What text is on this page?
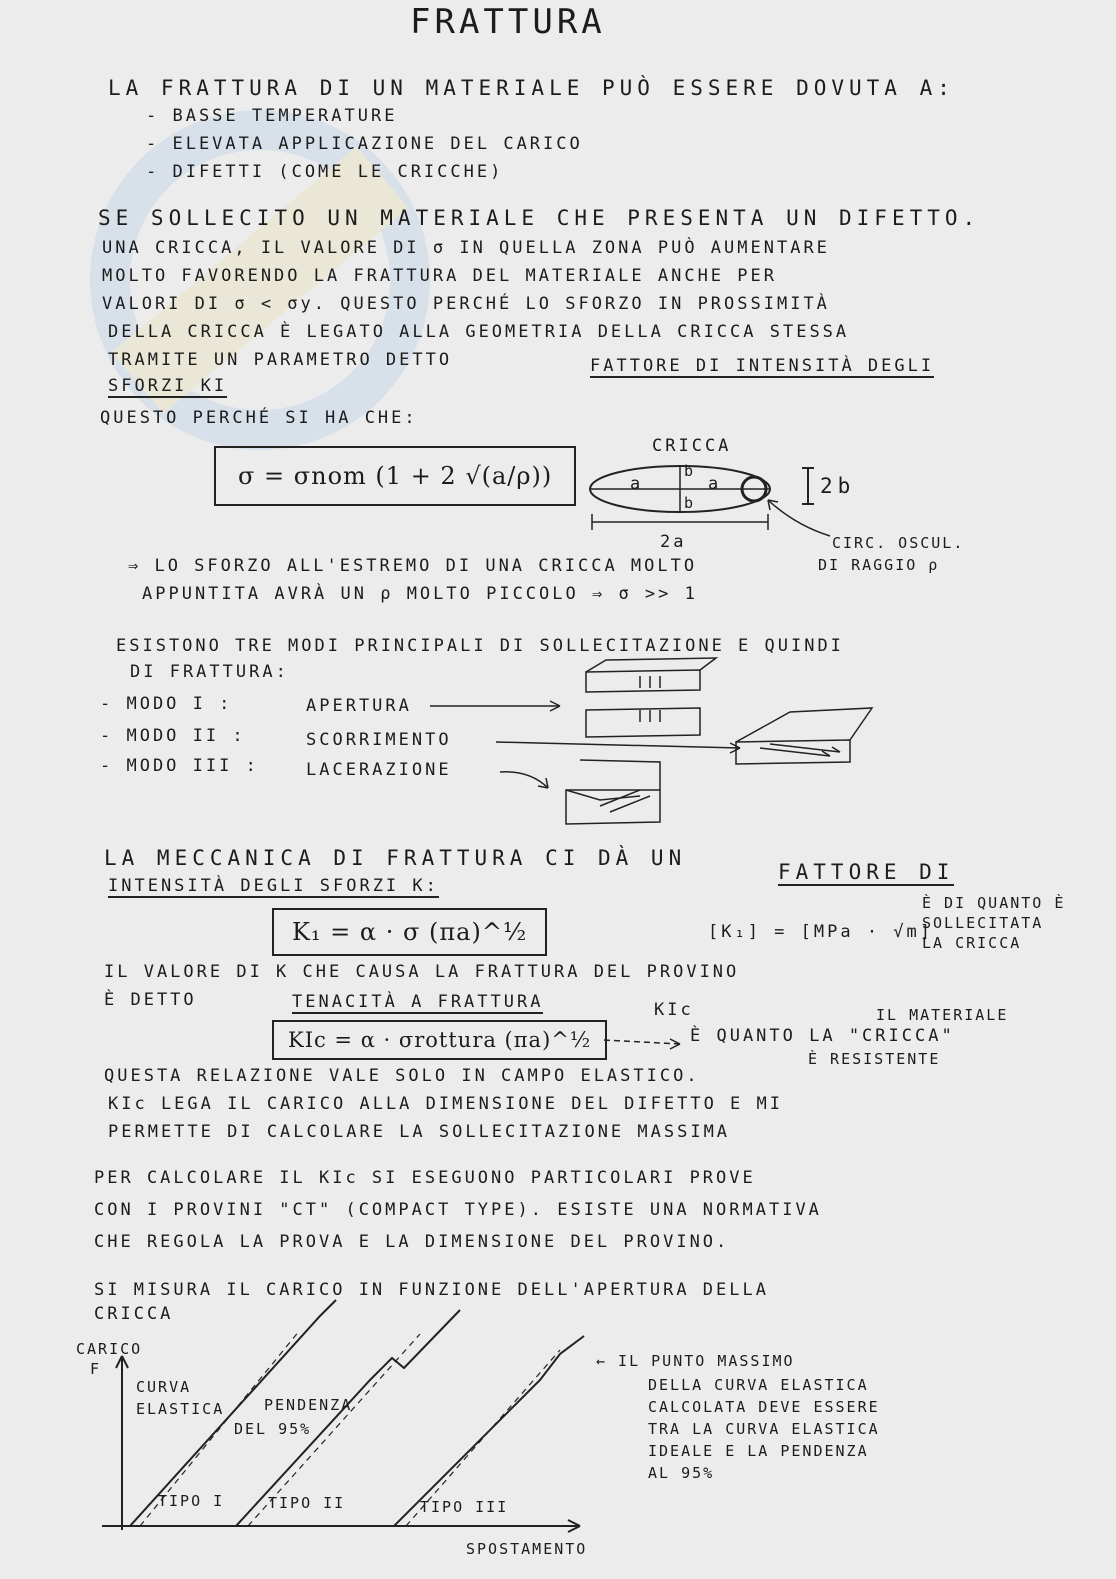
FRATTURA
LA FRATTURA DI UN MATERIALE PUÒ ESSERE DOVUTA A:
- BASSE TEMPERATURE
- ELEVATA APPLICAZIONE DEL CARICO
- DIFETTI (COME LE CRICCHE)
SE SOLLECITO UN MATERIALE CHE PRESENTA UN DIFETTO.
UNA CRICCA, IL VALORE DI σ IN QUELLA ZONA PUÒ AUMENTARE
MOLTO FAVORENDO LA FRATTURA DEL MATERIALE ANCHE PER
VALORI DI σ < σy. QUESTO PERCHÉ LO SFORZO IN PROSSIMITÀ
DELLA CRICCA È LEGATO ALLA GEOMETRIA DELLA CRICCA STESSA
TRAMITE UN PARAMETRO DETTO	FATTORE DI INTENSITÀ DEGLI
SFORZI KI
QUESTO PERCHÉ SI HA CHE:
σ = σnom (1 + 2 √(a/ρ))
CRICCA
a	a
b
b
2a
2b
CIRC. OSCUL.
DI RAGGIO ρ
⇒ LO SFORZO ALL'ESTREMO DI UNA CRICCA MOLTO
APPUNTITA AVRÀ UN ρ MOLTO PICCOLO ⇒ σ >> 1
ESISTONO TRE MODI PRINCIPALI DI SOLLECITAZIONE E QUINDI
DI FRATTURA:
- MODO I :	APERTURA
- MODO II :	SCORRIMENTO
- MODO III :	LACERAZIONE
LA MECCANICA DI FRATTURA CI DÀ UN
FATTORE DI
INTENSITÀ DEGLI SFORZI K:
È DI QUANTO È
SOLLECITATA
LA CRICCA
K₁ = α · σ (πa)^½	[K₁] = [MPa · √m]
IL VALORE DI K CHE CAUSA LA FRATTURA DEL PROVINO
È DETTO	TENACITÀ A FRATTURA	KIc
KIc = α · σrottura (πa)^½
IL MATERIALE
È QUANTO LA "CRICCA"
È RESISTENTE
QUESTA RELAZIONE VALE SOLO IN CAMPO ELASTICO.
KIc LEGA IL CARICO ALLA DIMENSIONE DEL DIFETTO E MI
PERMETTE DI CALCOLARE LA SOLLECITAZIONE MASSIMA
PER CALCOLARE IL KIc SI ESEGUONO PARTICOLARI PROVE
CON I PROVINI "CT" (COMPACT TYPE). ESISTE UNA NORMATIVA
CHE REGOLA LA PROVA E LA DIMENSIONE DEL PROVINO.
SI MISURA IL CARICO IN FUNZIONE DELL'APERTURA DELLA
CRICCA
CARICO
F
SPOSTAMENTO
CURVA
ELASTICA	PENDENZA
DEL 95%
TIPO I	TIPO II	TIPO III
← IL PUNTO MASSIMO
DELLA CURVA ELASTICA
CALCOLATA DEVE ESSERE
TRA LA CURVA ELASTICA
IDEALE E LA PENDENZA
AL 95%
